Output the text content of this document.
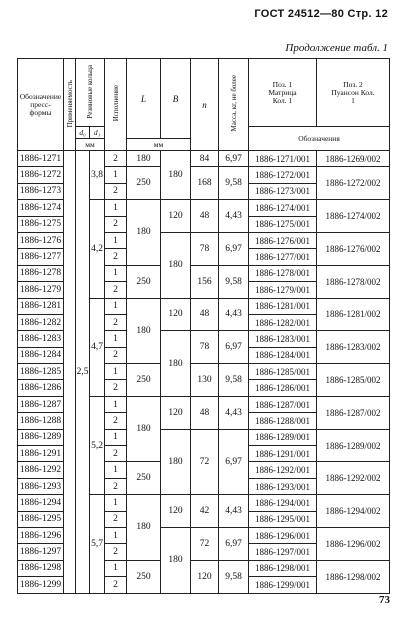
ГОСТ 24512—80 Стр. 12
Продолжение табл. 1
Обозначение пресс-формы	Применяемость	Резиновые кольца		Исполнение	L	B	n	Масса, кг, не более	Поз. 1 Матрица Кол. 1	Поз. 2 Пуансон Кол. 1
		d₀	d₁						Обозначения	
		мм			мм					
1886-1271		2,5	3,8	2	180	180	84	6,97	1886-1271/001	1886-1269/002
1886-1272				1	250		168	9,58	1886-1272/001	1886-1272/002
1886-1273				2					1886-1273/001	
1886-1274			4,2	1	180	120	48	4,43	1886-1274/001	1886-1274/002
1886-1275				2					1886-1275/001	
1886-1276				1		180	78	6,97	1886-1276/001	1886-1276/002
1886-1277				2					1886-1277/001	
1886-1278				1	250		156	9,58	1886-1278/001	1886-1278/002
1886-1279				2					1886-1279/001	
1886-1281			4,7	1	180	120	48	4,43	1886-1281/001	1886-1281/002
1886-1282				2					1886-1282/001	
1886-1283				1		180	78	6,97	1886-1283/001	1886-1283/002
1886-1284				2					1886-1284/001	
1886-1285				1	250		130	9,58	1886-1285/001	1886-1285/002
1886-1286				2					1886-1286/001	
1886-1287			5,2	1	180	120	48	4,43	1886-1287/001	1886-1287/002
1886-1288				2					1886-1288/001	
1886-1289				1		180	72	6,97	1886-1289/001	1886-1289/002
1886-1291				2					1886-1291/001	
1886-1292				1	250				1886-1292/001	1886-1292/002
1886-1293				2					1886-1293/001	
1886-1294			5,7	1	180	120	42	4,43	1886-1294/001	1886-1294/002
1886-1295				2					1886-1295/001	
1886-1296				1		180	72	6,97	1886-1296/001	1886-1296/002
1886-1297				2					1886-1297/001	
1886-1298				1	250		120	9,58	1886-1298/001	1886-1298/002
1886-1299				2					1886-1299/001	
73
